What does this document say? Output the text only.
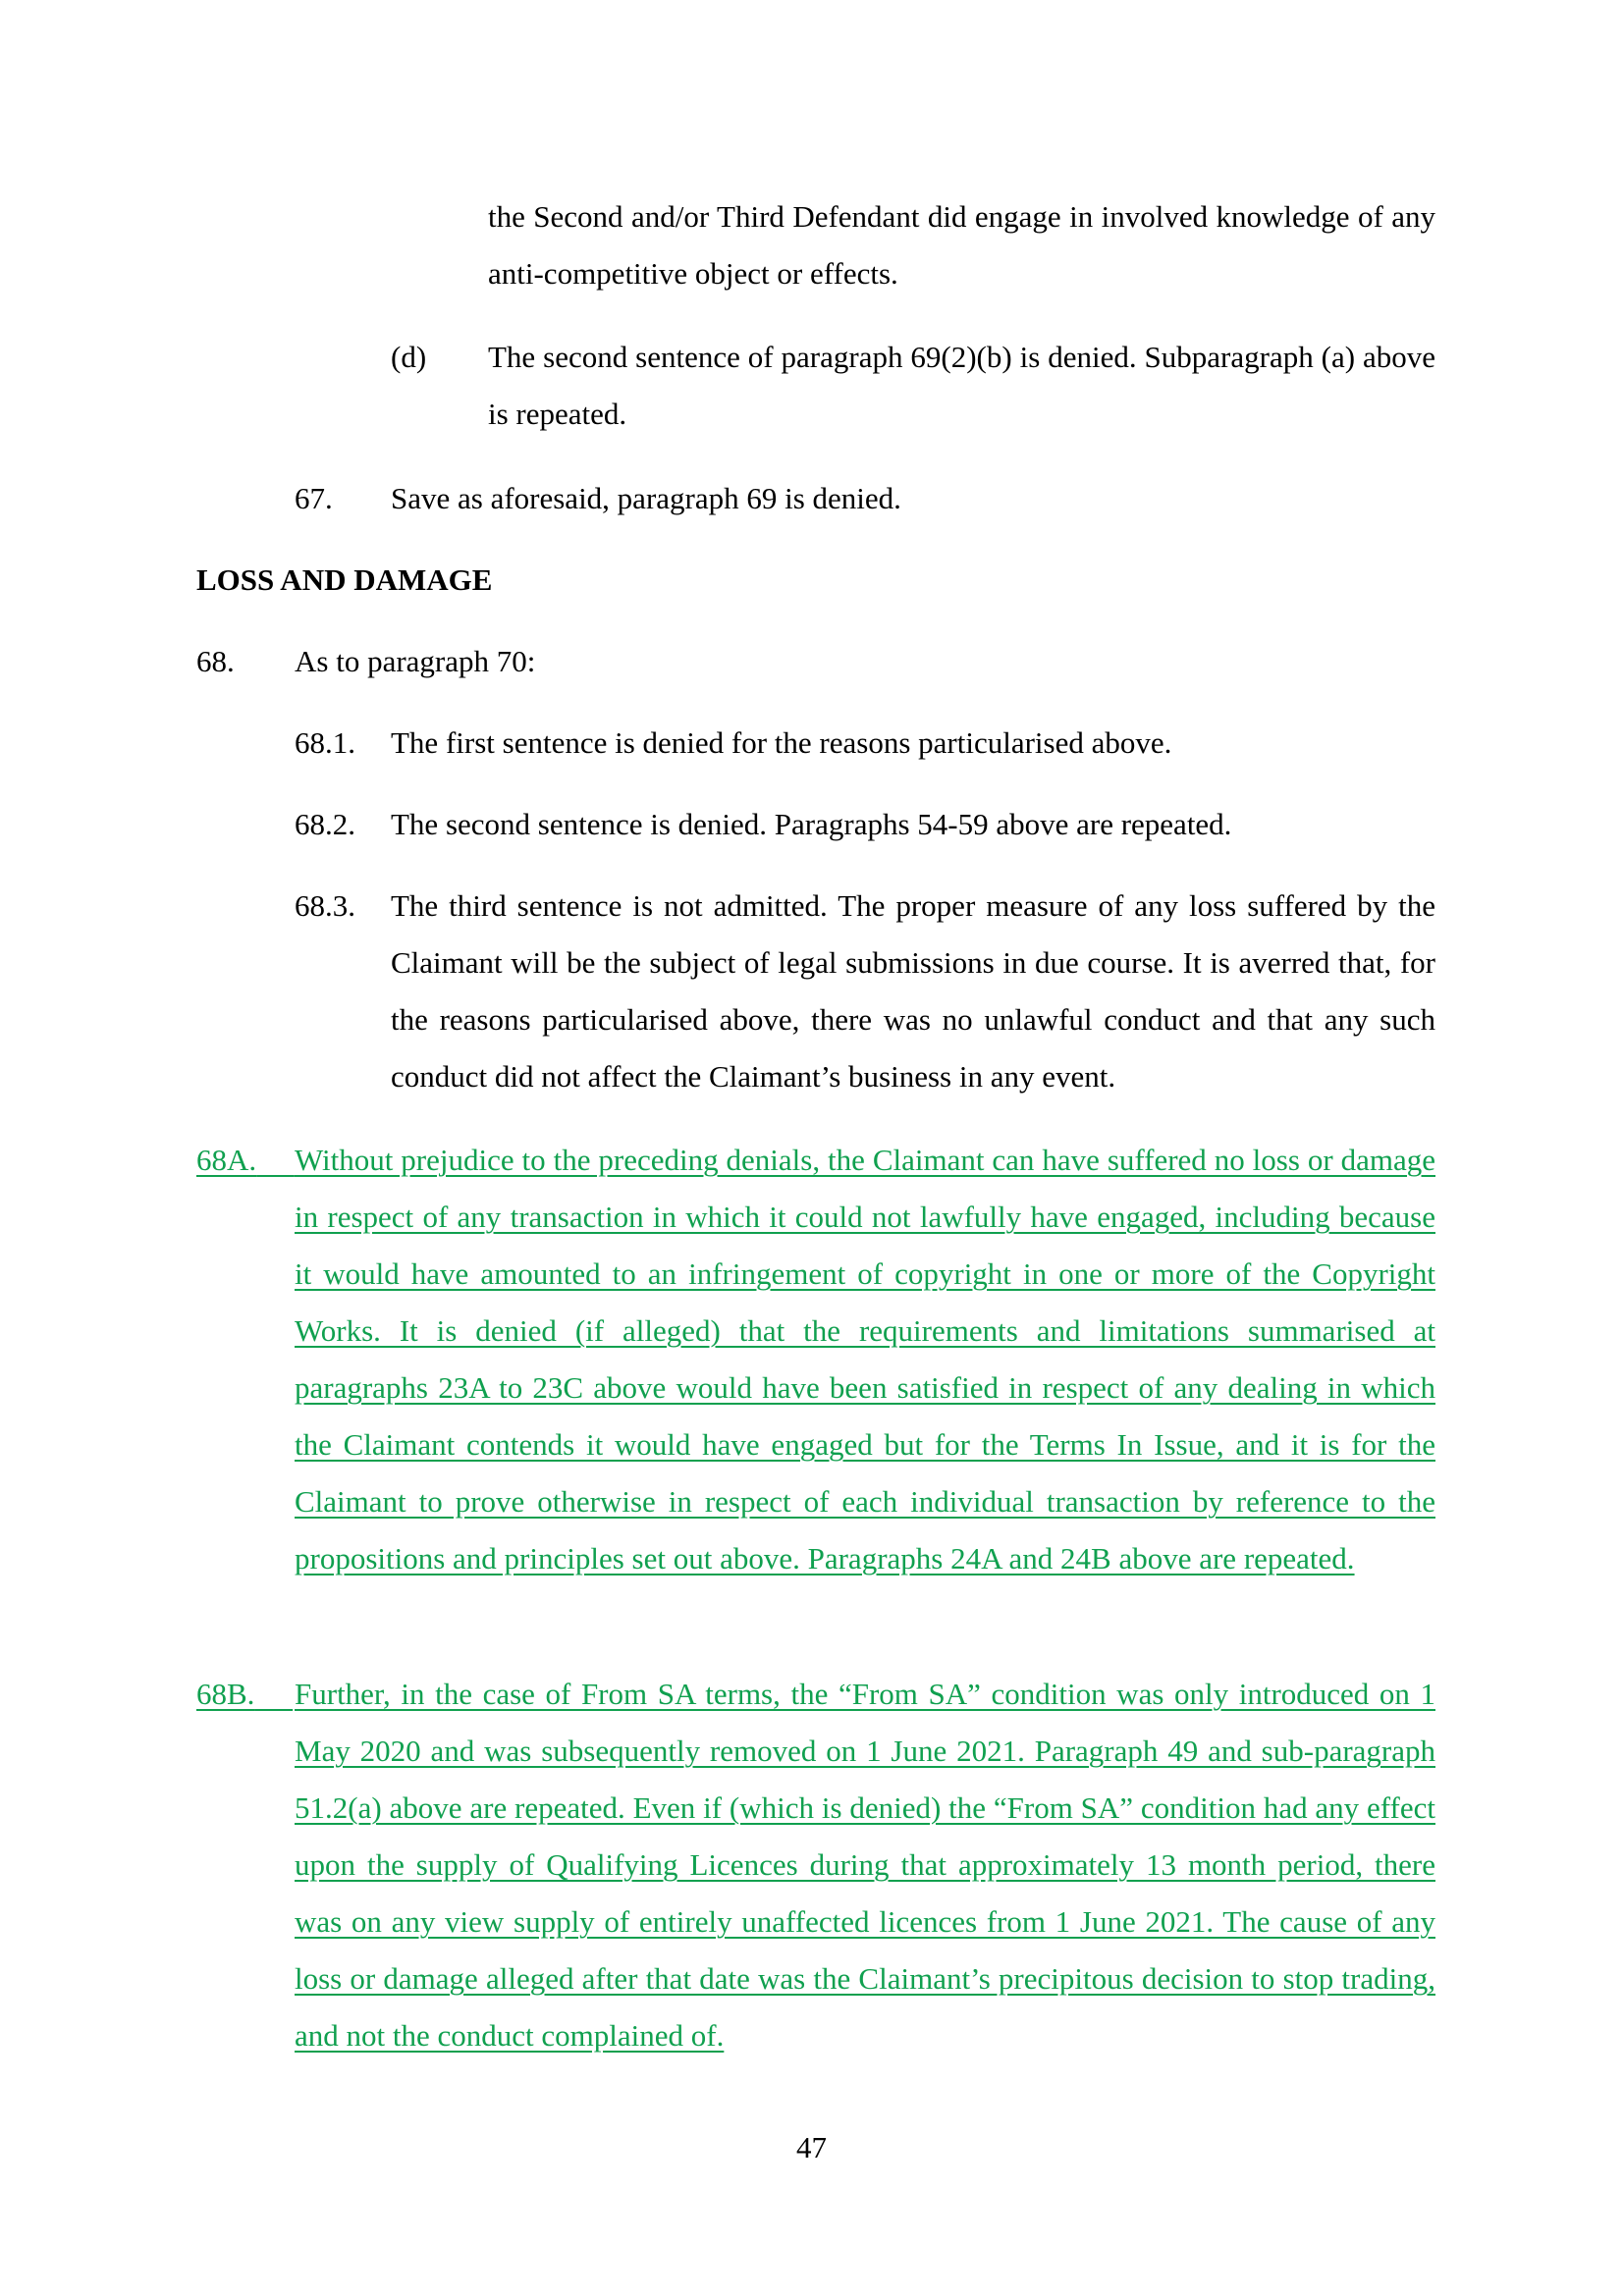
the Second and/or Third Defendant did engage in involved knowledge of any anti-competitive object or effects.
(d) The second sentence of paragraph 69(2)(b) is denied. Subparagraph (a) above is repeated.
67. Save as aforesaid, paragraph 69 is denied.
LOSS AND DAMAGE
68. As to paragraph 70:
68.1. The first sentence is denied for the reasons particularised above.
68.2. The second sentence is denied. Paragraphs 54-59 above are repeated.
68.3. The third sentence is not admitted. The proper measure of any loss suffered by the Claimant will be the subject of legal submissions in due course. It is averred that, for the reasons particularised above, there was no unlawful conduct and that any such conduct did not affect the Claimant’s business in any event.
68A.	Without prejudice to the preceding denials, the Claimant can have suffered no loss or damage in respect of any transaction in which it could not lawfully have engaged, including because it would have amounted to an infringement of copyright in one or more of the Copyright Works. It is denied (if alleged) that the requirements and limitations summarised at paragraphs 23A to 23C above would have been satisfied in respect of any dealing in which the Claimant contends it would have engaged but for the Terms In Issue, and it is for the Claimant to prove otherwise in respect of each individual transaction by reference to the propositions and principles set out above. Paragraphs 24A and 24B above are repeated.
68B.	Further, in the case of From SA terms, the “From SA” condition was only introduced on 1 May 2020 and was subsequently removed on 1 June 2021. Paragraph 49 and sub-paragraph 51.2(a) above are repeated. Even if (which is denied) the “From SA” condition had any effect upon the supply of Qualifying Licences during that approximately 13 month period, there was on any view supply of entirely unaffected licences from 1 June 2021. The cause of any loss or damage alleged after that date was the Claimant’s precipitous decision to stop trading, and not the conduct complained of.
47
